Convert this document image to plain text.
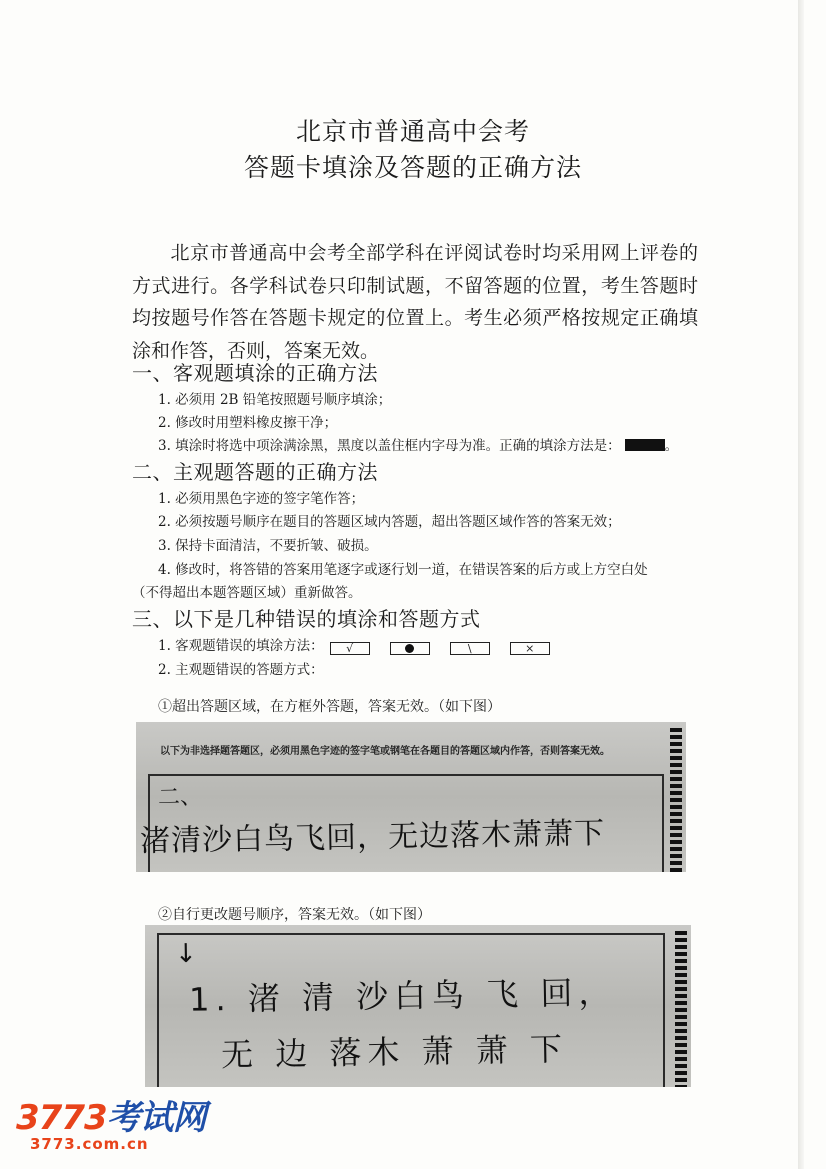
北京市普通高中会考
答题卡填涂及答题的正确方法
北京市普通高中会考全部学科在评阅试卷时均采用网上评卷的方式进行。各学科试卷只印制试题，不留答题的位置，考生答题时均按题号作答在答题卡规定的位置上。考生必须严格按规定正确填涂和作答，否则，答案无效。
一、客观题填涂的正确方法
1. 必须用 2B 铅笔按照题号顺序填涂；
2. 修改时用塑料橡皮擦干净；
3. 填涂时将选中项涂满涂黑，黑度以盖住框内字母为准。正确的填涂方法是：	。
二、主观题答题的正确方法
1. 必须用黑色字迹的签字笔作答；
2. 必须按题号顺序在题目的答题区域内答题，超出答题区域作答的答案无效；
3. 保持卡面清洁，不要折皱、破损。
4. 修改时，将答错的答案用笔逐字或逐行划一道，在错误答案的后方或上方空白处
（不得超出本题答题区域）重新做答。
三、以下是几种错误的填涂和答题方式
1. 客观题错误的填涂方法：	√	\	×
2. 主观题错误的答题方式：
①超出答题区域，在方框外答题，答案无效。（如下图）
以下为非选择题答题区，必须用黑色字迹的签字笔或钢笔在各题目的答题区域内作答，否则答案无效。
二、
渚清沙白鸟飞回，无边落木萧萧下
②自行更改题号顺序，答案无效。（如下图）
↓
1. 渚 清 沙白鸟 飞 回，
无 边 落木 萧 萧 下
3773考试网
3773.com.cn
